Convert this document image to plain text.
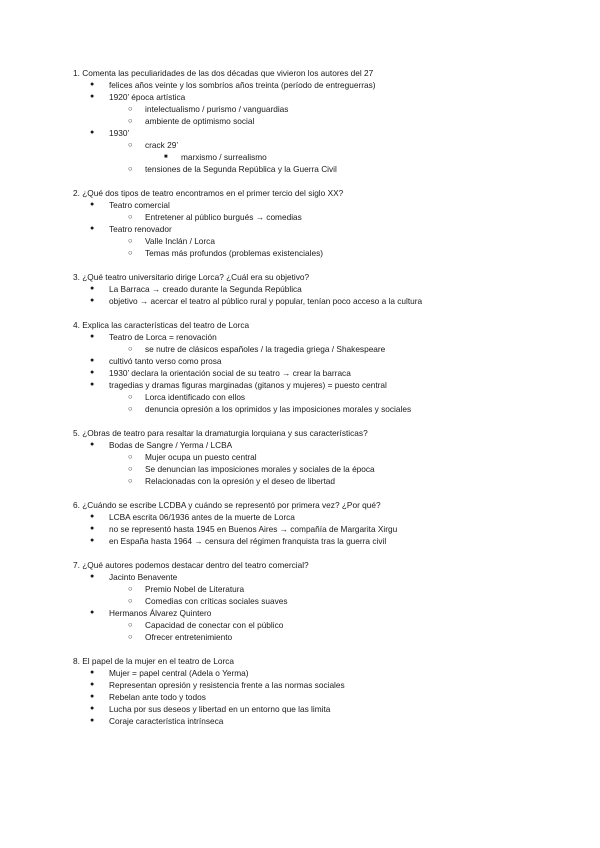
1. Comenta las peculiaridades de las dos décadas que vivieron los autores del 27
● felices años veinte y los sombríos años treinta (período de entreguerras)
● 1920’ época artística
○ intelectualismo / purismo / vanguardias
○ ambiente de optimismo social
● 1930’
○ crack 29’
■ marxismo / surrealismo
○ tensiones de la Segunda República y la Guerra Civil
2. ¿Qué dos tipos de teatro encontramos en el primer tercio del siglo XX?
● Teatro comercial
○ Entretener al público burgués → comedias
● Teatro renovador
○ Valle Inclán / Lorca
○ Temas más profundos (problemas existenciales)
3. ¿Qué teatro universitario dirige Lorca? ¿Cuál era su objetivo?
● La Barraca → creado durante la Segunda República
● objetivo → acercar el teatro al público rural y popular, tenían poco acceso a la cultura
4. Explica las características del teatro de Lorca
● Teatro de Lorca = renovación
○ se nutre de clásicos españoles / la tragedia griega / Shakespeare
● cultivó tanto verso como prosa
● 1930’ declara la orientación social de su teatro → crear la barraca
● tragedias y dramas figuras marginadas (gitanos y mujeres) = puesto central
○ Lorca identificado con ellos
○ denuncia opresión a los oprimidos y las imposiciones morales y sociales
5. ¿Obras de teatro para resaltar la dramaturgia lorquiana y sus características?
● Bodas de Sangre / Yerma / LCBA
○ Mujer ocupa un puesto central
○ Se denuncian las imposiciones morales y sociales de la época
○ Relacionadas con la opresión y el deseo de libertad
6. ¿Cuándo se escribe LCDBA y cuándo se representó por primera vez? ¿Por qué?
● LCBA escrita 06/1936 antes de la muerte de Lorca
● no se representó hasta 1945 en Buenos Aires → compañía de Margarita Xirgu
● en España hasta 1964 → censura del régimen franquista tras la guerra civil
7. ¿Qué autores podemos destacar dentro del teatro comercial?
● Jacinto Benavente
○ Premio Nobel de Literatura
○ Comedias con críticas sociales suaves
● Hermanos Álvarez Quintero
○ Capacidad de conectar con el público
○ Ofrecer entretenimiento
8. El papel de la mujer en el teatro de Lorca
● Mujer = papel central (Adela o Yerma)
● Representan opresión y resistencia frente a las normas sociales
● Rebelan ante todo y todos
● Lucha por sus deseos y libertad en un entorno que las limita
● Coraje característica intrínseca
